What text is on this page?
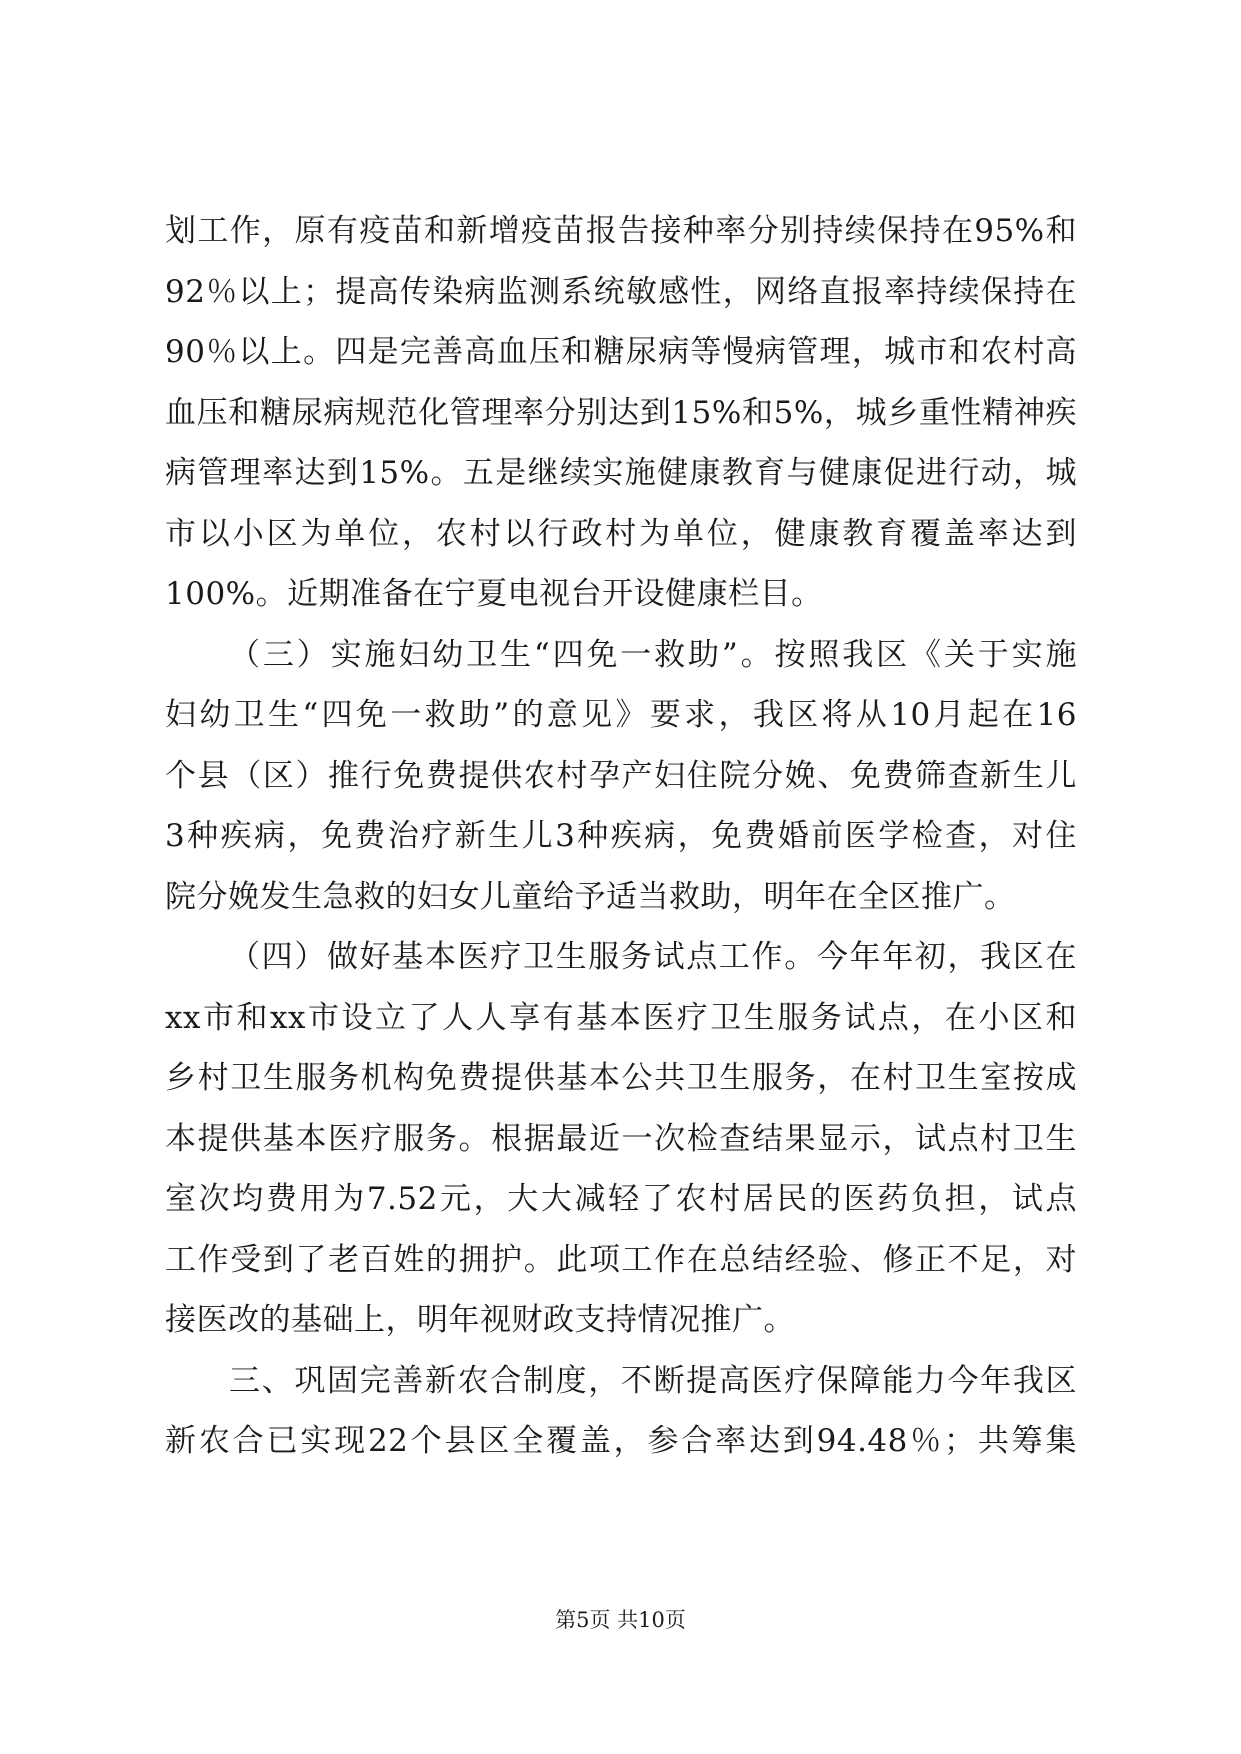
划工作，原有疫苗和新增疫苗报告接种率分别持续保持在95%和
92％以上；提高传染病监测系统敏感性，网络直报率持续保持在
90％以上。四是完善高血压和糖尿病等慢病管理，城市和农村高
血压和糖尿病规范化管理率分别达到15%和5%，城乡重性精神疾
病管理率达到15%。五是继续实施健康教育与健康促进行动，城
市以小区为单位，农村以行政村为单位，健康教育覆盖率达到
100%。近期准备在宁夏电视台开设健康栏目。
（三）实施妇幼卫生“四免一救助”。按照我区《关于实施
妇幼卫生“四免一救助”的意见》要求，我区将从10月起在16
个县（区）推行免费提供农村孕产妇住院分娩、免费筛查新生儿
3种疾病，免费治疗新生儿3种疾病，免费婚前医学检查，对住
院分娩发生急救的妇女儿童给予适当救助，明年在全区推广。
（四）做好基本医疗卫生服务试点工作。今年年初，我区在
xx市和xx市设立了人人享有基本医疗卫生服务试点，在小区和
乡村卫生服务机构免费提供基本公共卫生服务，在村卫生室按成
本提供基本医疗服务。根据最近一次检查结果显示，试点村卫生
室次均费用为7.52元，大大减轻了农村居民的医药负担，试点
工作受到了老百姓的拥护。此项工作在总结经验、修正不足，对
接医改的基础上，明年视财政支持情况推广。
三、巩固完善新农合制度，不断提高医疗保障能力今年我区
新农合已实现22个县区全覆盖，参合率达到94.48％；共筹集
第5页 共10页
